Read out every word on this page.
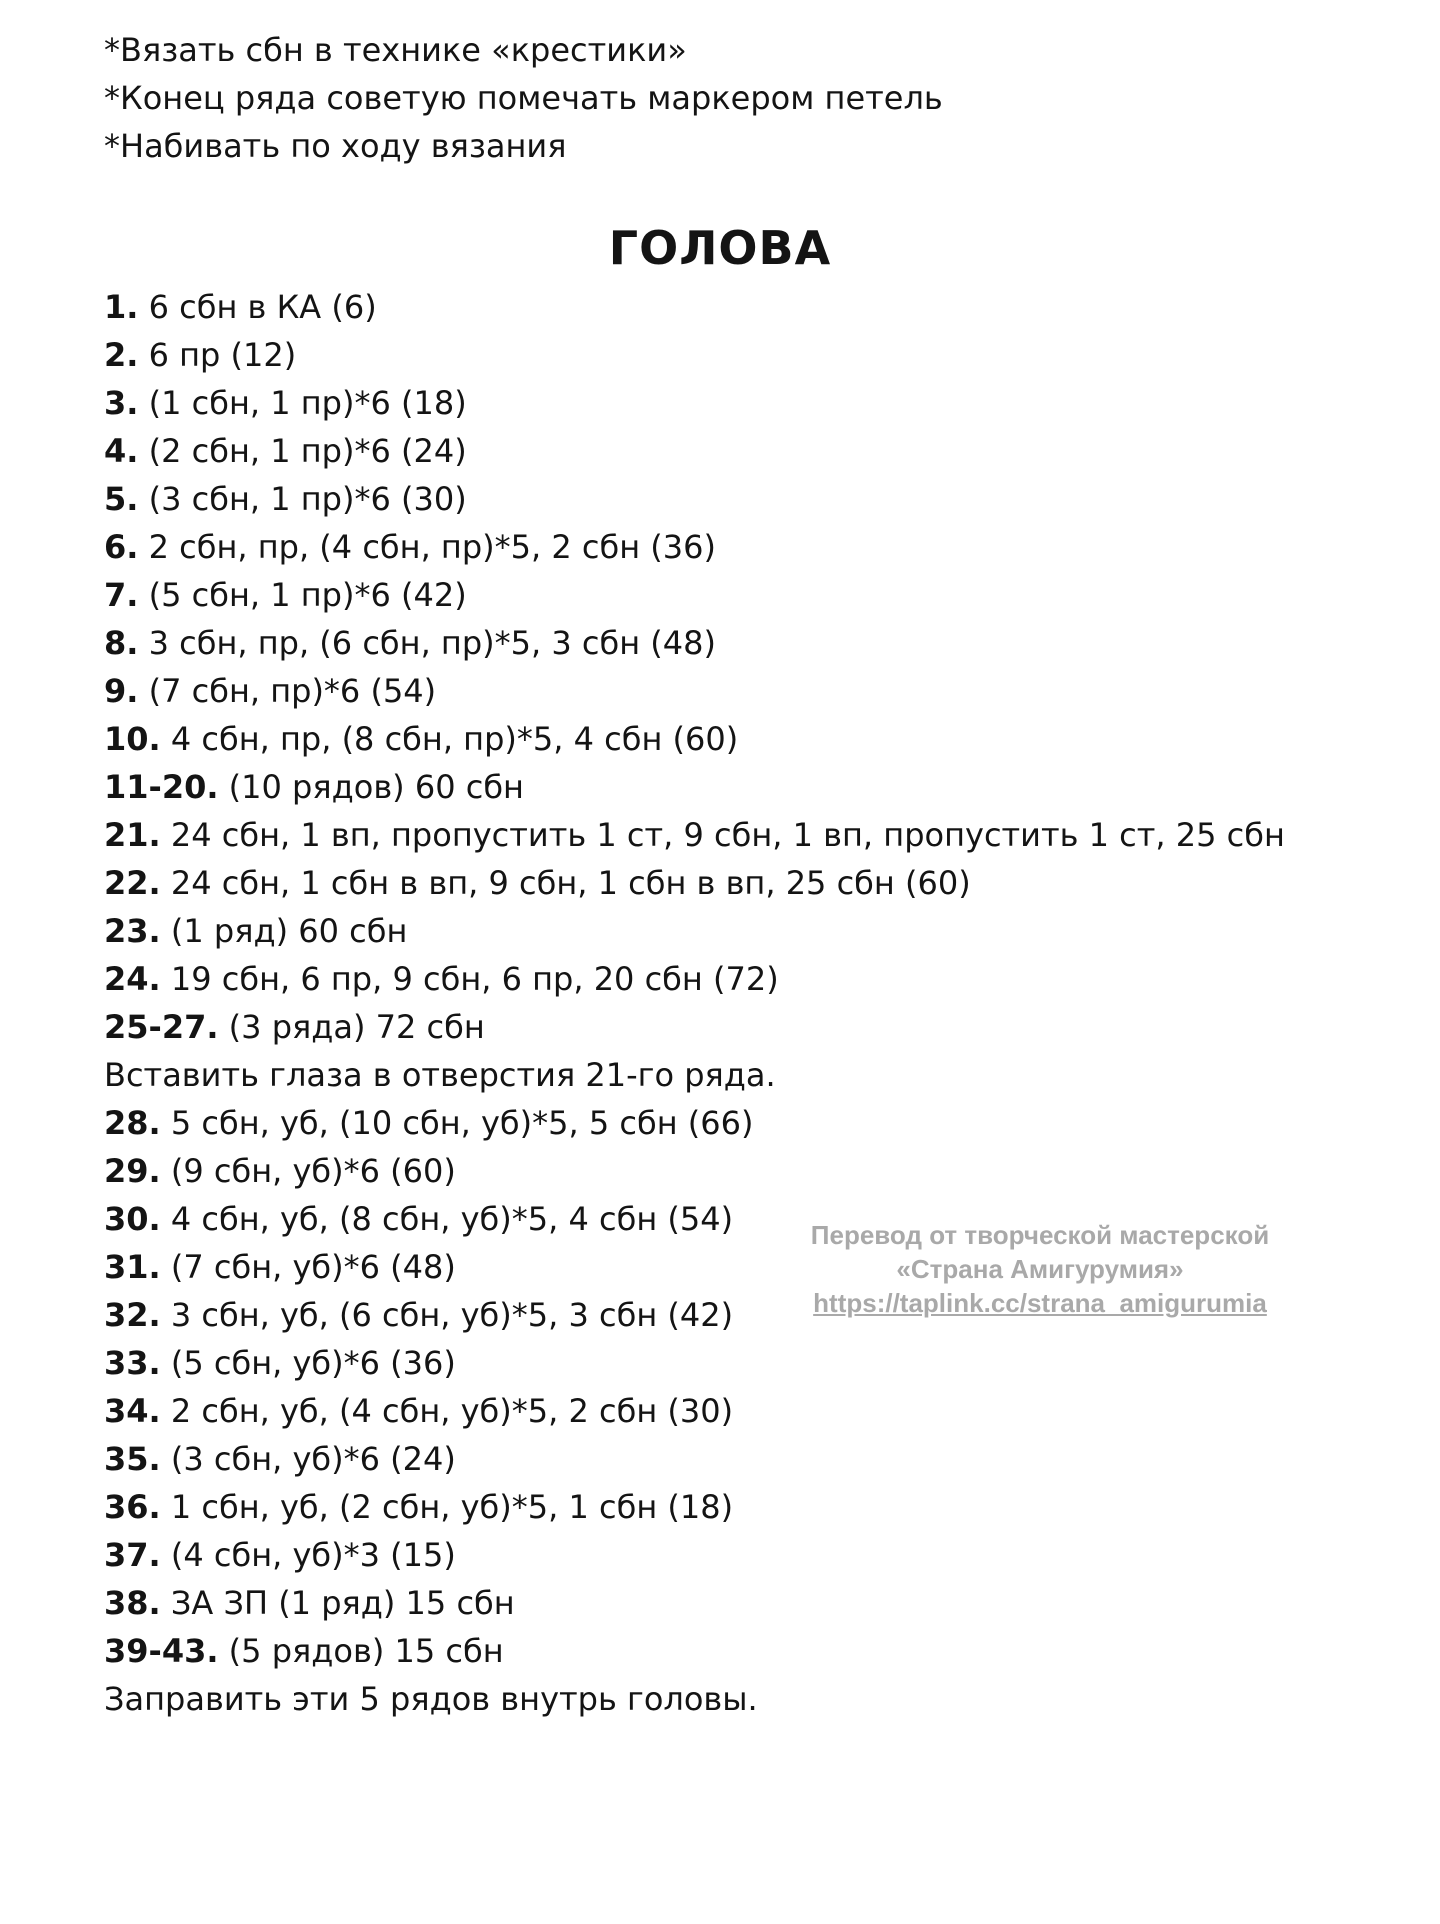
*Вязать сбн в технике «крестики»
*Конец ряда советую помечать маркером петель
*Набивать по ходу вязания
ГОЛОВА
1. 6 сбн в КА (6)
2. 6 пр (12)
3. (1 сбн, 1 пр)*6 (18)
4. (2 сбн, 1 пр)*6 (24)
5. (3 сбн, 1 пр)*6 (30)
6. 2 сбн, пр, (4 сбн, пр)*5, 2 сбн (36)
7. (5 сбн, 1 пр)*6 (42)
8. 3 сбн, пр, (6 сбн, пр)*5, 3 сбн (48)
9. (7 сбн, пр)*6 (54)
10. 4 сбн, пр, (8 сбн, пр)*5, 4 сбн (60)
11-20. (10 рядов) 60 сбн
21. 24 сбн, 1 вп, пропустить 1 ст, 9 сбн, 1 вп, пропустить 1 ст, 25 сбн
22. 24 сбн, 1 сбн в вп, 9 сбн, 1 сбн в вп, 25 сбн (60)
23. (1 ряд) 60 сбн
24. 19 сбн, 6 пр, 9 сбн, 6 пр, 20 сбн (72)
25-27. (3 ряда) 72 сбн
Вставить глаза в отверстия 21-го ряда.
28. 5 сбн, уб, (10 сбн, уб)*5, 5 сбн (66)
29. (9 сбн, уб)*6 (60)
30. 4 сбн, уб, (8 сбн, уб)*5, 4 сбн (54)
31. (7 сбн, уб)*6 (48)
32. 3 сбн, уб, (6 сбн, уб)*5, 3 сбн (42)
33. (5 сбн, уб)*6 (36)
34. 2 сбн, уб, (4 сбн, уб)*5, 2 сбн (30)
35. (3 сбн, уб)*6 (24)
36. 1 сбн, уб, (2 сбн, уб)*5, 1 сбн (18)
37. (4 сбн, уб)*3 (15)
38. ЗА ЗП (1 ряд) 15 сбн
39-43. (5 рядов) 15 сбн
Заправить эти 5 рядов внутрь головы.
Перевод от творческой мастерской
«Страна Амигурумия»
https://taplink.cc/strana_amigurumia
